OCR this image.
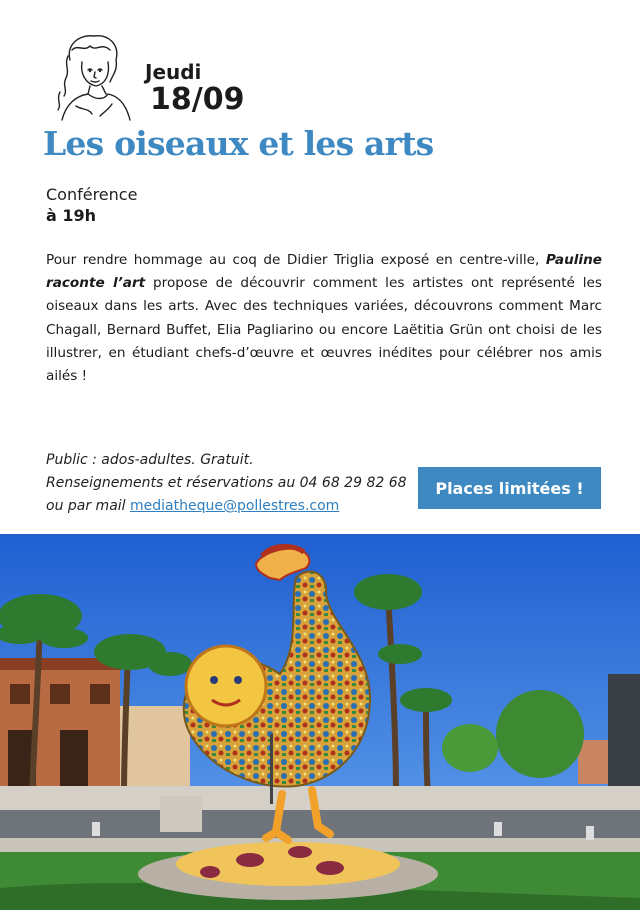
Jeudi
18/09
Les oiseaux et les arts
Conférence
à 19h

Pour rendre hommage au coq de Didier Triglia exposé en centre-ville, Pauline raconte l’art propose de découvrir comment les artistes ont représenté les oiseaux dans les arts. Avec des techniques variées, découvrons comment Marc Chagall, Bernard Buffet, Elia Pagliarino ou encore Laëtitia Grün ont choisi de les illustrer, en étudiant chefs-d’œuvre et œuvres inédites pour célébrer nos amis ailés !

Public : ados-adultes. Gratuit.
Renseignements et réservations au 04 68 29 82 68
ou par mail mediatheque@pollestres.com
Places limitées !
